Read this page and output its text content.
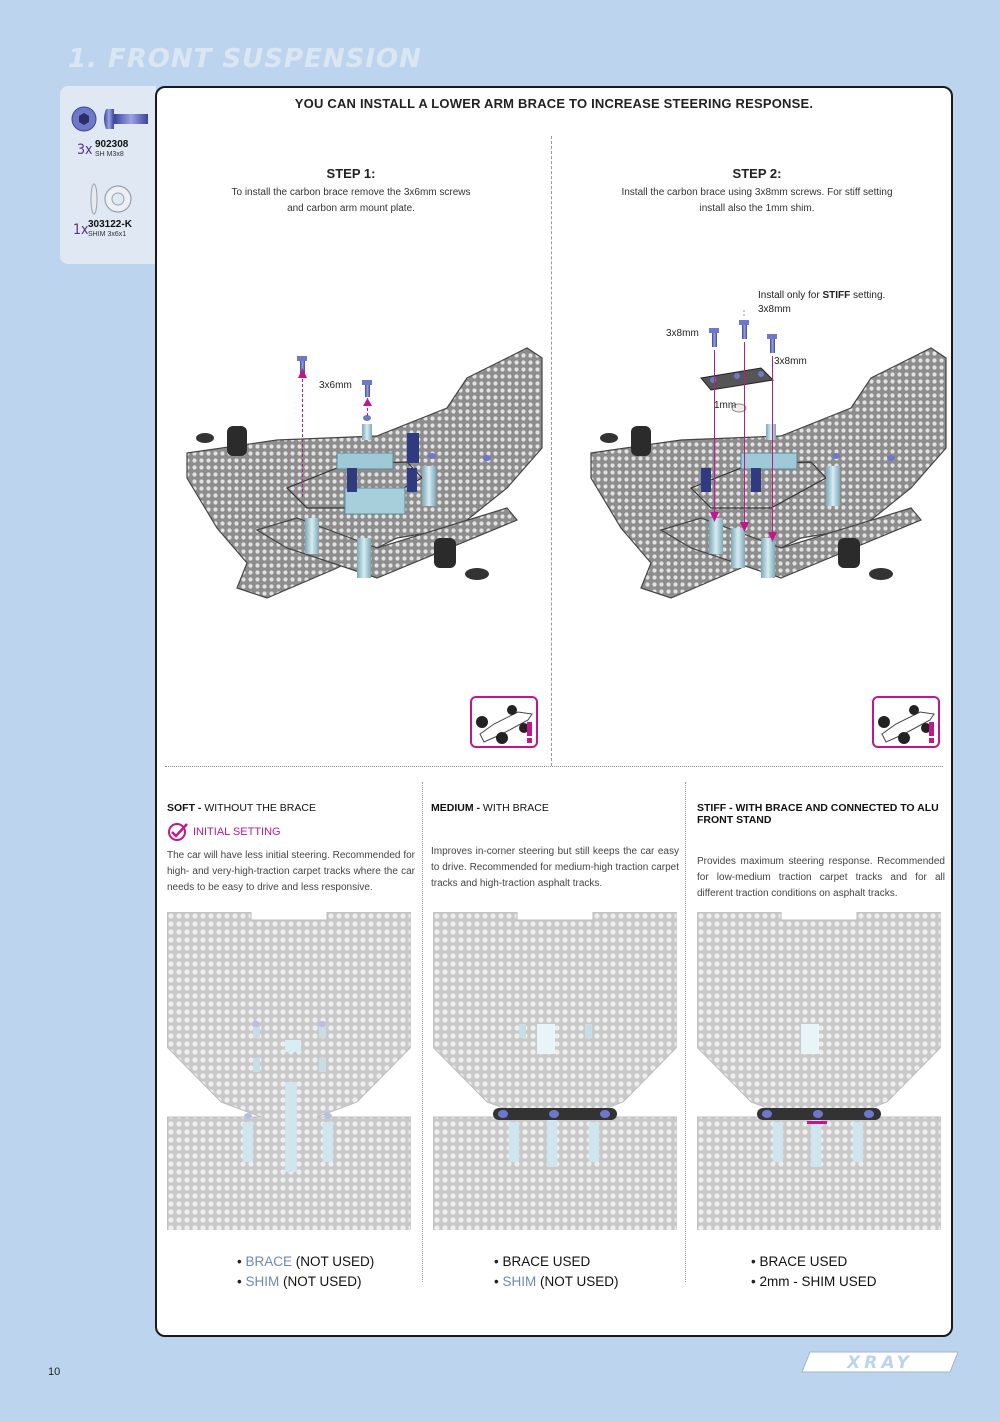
1. FRONT SUSPENSION
3x 902308
SH M3x8
1x 303122-K
SHIM 3x6x1
YOU CAN INSTALL A LOWER ARM BRACE TO INCREASE STEERING RESPONSE.
STEP 1:

To install the carbon brace remove the 3x6mm screws

and carbon arm mount plate.

3x6mm
STEP 2:

Install the carbon brace using 3x8mm screws. For stiff setting

install also the 1mm shim.

Install only for STIFF setting.
3x8mm
3x8mm
3x8mm
1mm
SOFT - WITHOUT THE BRACE
INITIAL SETTING
The car will have less initial steering. Recommended for high- and very-high-traction carpet tracks where the car needs to be easy to drive and less responsive.
MEDIUM - WITH BRACE
Improves in-corner steering but still keeps the car easy to drive. Recommended for medium-high traction carpet tracks and high-traction asphalt tracks.
STIFF - WITH BRACE AND CONNECTED TO ALU FRONT STAND
Provides maximum steering response. Recommended for low-medium traction carpet tracks and for all different traction conditions on asphalt tracks.
• BRACE (NOT USED)
• SHIM (NOT USED)
• BRACE USED
• SHIM (NOT USED)
• BRACE USED
• 2mm - SHIM USED
10	XRAY
